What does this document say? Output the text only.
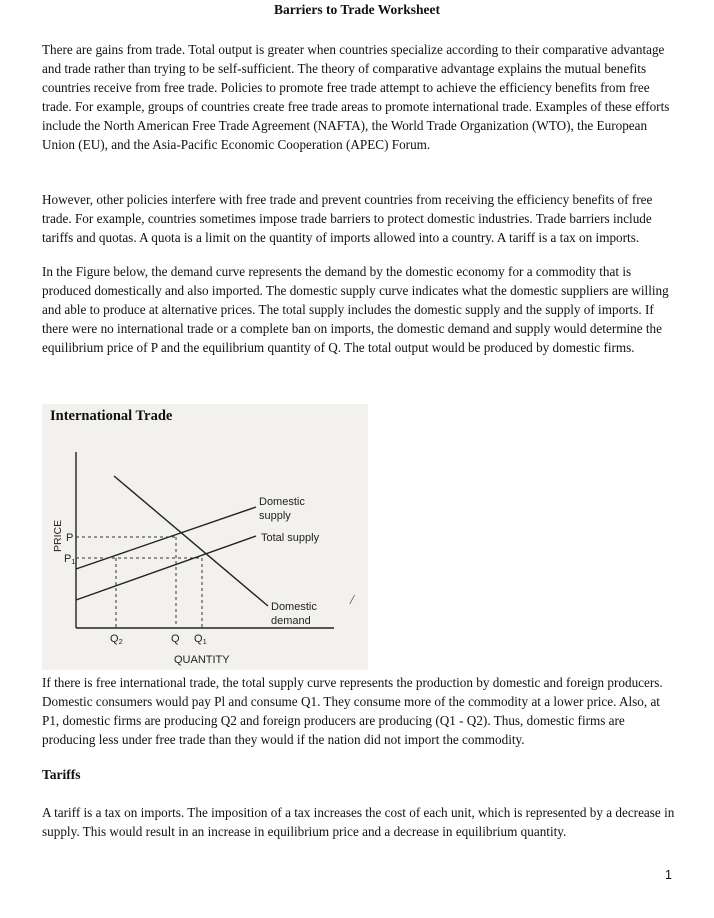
Barriers to Trade Worksheet

There are gains from trade. Total output is greater when countries specialize according to their comparative advantage and trade rather than trying to be self-sufficient. The theory of comparative advantage explains the mutual benefits countries receive from free trade. Policies to promote free trade attempt to achieve the efficiency benefits from free trade. For example, groups of countries create free trade areas to promote international trade. Examples of these efforts include the North American Free Trade Agreement (NAFTA), the World Trade Organization (WTO), the European Union (EU), and the Asia-Pacific Economic Cooperation (APEC) Forum.

However, other policies interfere with free trade and prevent countries from receiving the efficiency benefits of free trade. For example, countries sometimes impose trade barriers to protect domestic industries. Trade barriers include tariffs and quotas. A quota is a limit on the quantity of imports allowed into a country. A tariff is a tax on imports.

In the Figure below, the demand curve represents the demand by the domestic economy for a commodity that is produced domestically and also imported. The domestic supply curve indicates what the domestic suppliers are willing and able to produce at alternative prices. The total supply includes the domestic supply and the supply of imports. If there were no international trade or a complete ban on imports, the domestic demand and supply would determine the equilibrium price of P and the equilibrium quantity of Q. The total output would be produced by domestic firms.

International Trade
PRICE
QUANTITY
P
P1
Q2	Q Q1
Domestic
supply
Total supply
Domestic
demand
/

If there is free international trade, the total supply curve represents the production by domestic and foreign producers. Domestic consumers would pay Pl and consume Q1. They consume more of the commodity at a lower price. Also, at P1, domestic firms are producing Q2 and foreign producers are producing (Q1 - Q2). Thus, domestic firms are producing less under free trade than they would if the nation did not import the commodity.

Tariffs

A tariff is a tax on imports. The imposition of a tax increases the cost of each unit, which is represented by a decrease in supply. This would result in an increase in equilibrium price and a decrease in equilibrium quantity.

1
